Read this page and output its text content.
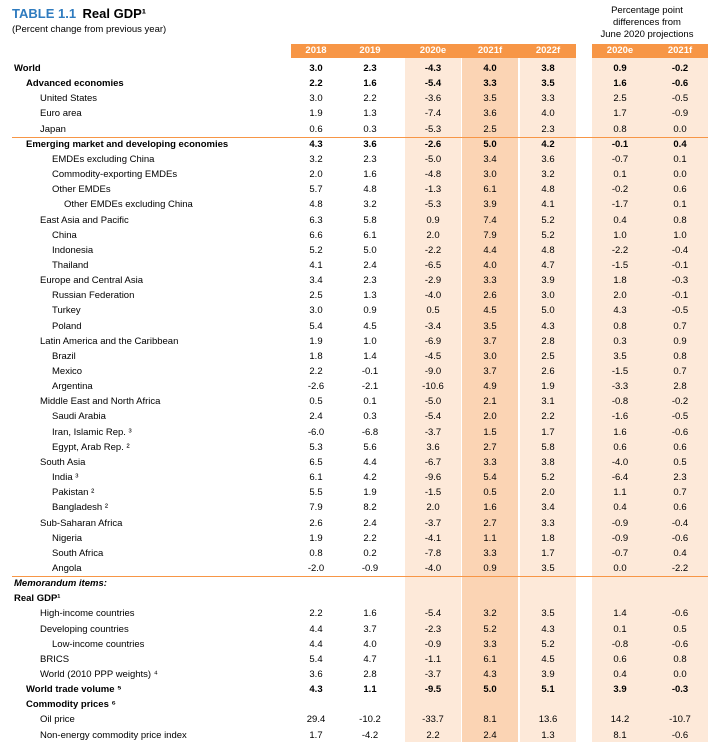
TABLE 1.1 Real GDP¹
(Percent change from previous year)
Percentage point
differences from
June 2020 projections
2018	2019	2020e	2021f	2022f	2020e	2021f
World	3.0	2.3	-4.3	4.0	3.8	0.9	-0.2
Advanced economies	2.2	1.6	-5.4	3.3	3.5	1.6	-0.6
United States	3.0	2.2	-3.6	3.5	3.3	2.5	-0.5
Euro area	1.9	1.3	-7.4	3.6	4.0	1.7	-0.9
Japan	0.6	0.3	-5.3	2.5	2.3	0.8	0.0
Emerging market and developing economies	4.3	3.6	-2.6	5.0	4.2	-0.1	0.4
EMDEs excluding China	3.2	2.3	-5.0	3.4	3.6	-0.7	0.1
Commodity-exporting EMDEs	2.0	1.6	-4.8	3.0	3.2	0.1	0.0
Other EMDEs	5.7	4.8	-1.3	6.1	4.8	-0.2	0.6
Other EMDEs excluding China	4.8	3.2	-5.3	3.9	4.1	-1.7	0.1
East Asia and Pacific	6.3	5.8	0.9	7.4	5.2	0.4	0.8
China	6.6	6.1	2.0	7.9	5.2	1.0	1.0
Indonesia	5.2	5.0	-2.2	4.4	4.8	-2.2	-0.4
Thailand	4.1	2.4	-6.5	4.0	4.7	-1.5	-0.1
Europe and Central Asia	3.4	2.3	-2.9	3.3	3.9	1.8	-0.3
Russian Federation	2.5	1.3	-4.0	2.6	3.0	2.0	-0.1
Turkey	3.0	0.9	0.5	4.5	5.0	4.3	-0.5
Poland	5.4	4.5	-3.4	3.5	4.3	0.8	0.7
Latin America and the Caribbean	1.9	1.0	-6.9	3.7	2.8	0.3	0.9
Brazil	1.8	1.4	-4.5	3.0	2.5	3.5	0.8
Mexico	2.2	-0.1	-9.0	3.7	2.6	-1.5	0.7
Argentina	-2.6	-2.1	-10.6	4.9	1.9	-3.3	2.8
Middle East and North Africa	0.5	0.1	-5.0	2.1	3.1	-0.8	-0.2
Saudi Arabia	2.4	0.3	-5.4	2.0	2.2	-1.6	-0.5
Iran, Islamic Rep. ³	-6.0	-6.8	-3.7	1.5	1.7	1.6	-0.6
Egypt, Arab Rep. ²	5.3	5.6	3.6	2.7	5.8	0.6	0.6
South Asia	6.5	4.4	-6.7	3.3	3.8	-4.0	0.5
India ³	6.1	4.2	-9.6	5.4	5.2	-6.4	2.3
Pakistan ²	5.5	1.9	-1.5	0.5	2.0	1.1	0.7
Bangladesh ²	7.9	8.2	2.0	1.6	3.4	0.4	0.6
Sub-Saharan Africa	2.6	2.4	-3.7	2.7	3.3	-0.9	-0.4
Nigeria	1.9	2.2	-4.1	1.1	1.8	-0.9	-0.6
South Africa	0.8	0.2	-7.8	3.3	1.7	-0.7	0.4
Angola	-2.0	-0.9	-4.0	0.9	3.5	0.0	-2.2
Memorandum items:
Real GDP¹
High-income countries	2.2	1.6	-5.4	3.2	3.5	1.4	-0.6
Developing countries	4.4	3.7	-2.3	5.2	4.3	0.1	0.5
Low-income countries	4.4	4.0	-0.9	3.3	5.2	-0.8	-0.6
BRICS	5.4	4.7	-1.1	6.1	4.5	0.6	0.8
World (2010 PPP weights) ⁴	3.6	2.8	-3.7	4.3	3.9	0.4	0.0
World trade volume ⁵	4.3	1.1	-9.5	5.0	5.1	3.9	-0.3
Commodity prices ⁶
Oil price	29.4	-10.2	-33.7	8.1	13.6	14.2	-10.7
Non-energy commodity price index	1.7	-4.2	2.2	2.4	1.3	8.1	-0.6
